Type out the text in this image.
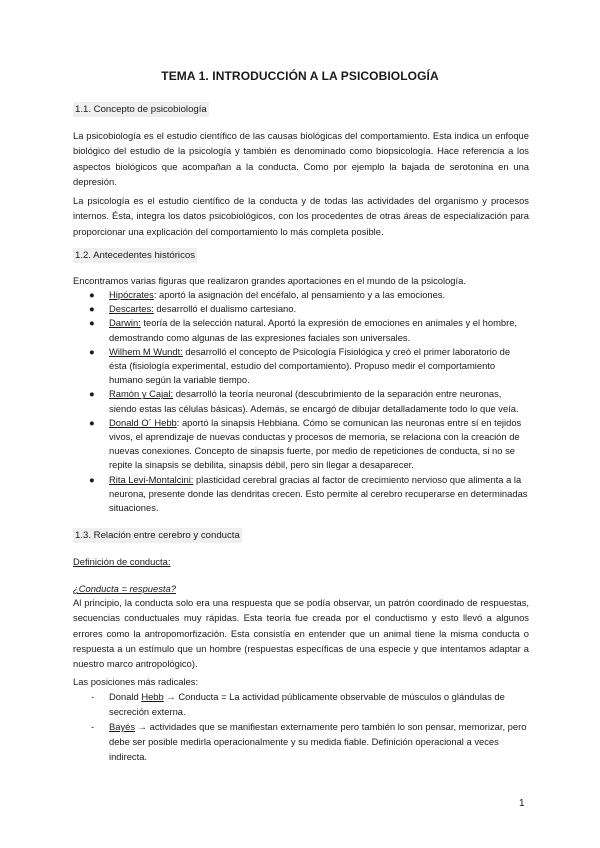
TEMA 1. INTRODUCCIÓN A LA PSICOBIOLOGÍA
1.1. Concepto de psicobiología

La psicobiología es el estudio científico de las causas biológicas del comportamiento. Esta indica un enfoque biológico del estudio de la psicología y también es denominado como biopsicología. Hace referencia a los aspectos biológicos que acompañan a la conducta. Como por ejemplo la bajada de serotonina en una depresión.

La psicología es el estudio científico de la conducta y de todas las actividades del organismo y procesos internos. Ésta, integra los datos psicobiológicos, con los procedentes de otras áreas de especialización para proporcionar una explicación del comportamiento lo más completa posible.

1.2. Antecedentes históricos
Encontramos varias figuras que realizaron grandes aportaciones en el mundo de la psicología.
● Hipócrates: aportó la asignación del encéfalo, al pensamiento y a las emociones.
● Descartes: desarrolló el dualismo cartesiano.
● Darwin: teoría de la selección natural. Aportó la expresión de emociones en animales y el hombre, demostrando como algunas de las expresiones faciales son universales.
● Wilhem M Wundt: desarrolló el concepto de Psicología Fisiológica y creó el primer laboratorio de ésta (fisiología experimental, estudio del comportamiento). Propuso medir el comportamiento humano según la variable tiempo.
● Ramón y Cajal: desarrolló la teoría neuronal (descubrimiento de la separación entre neuronas, siendo estas las células básicas). Además, se encargó de dibujar detalladamente todo lo que veía.
● Donald O´ Hebb: aportó la sinapsis Hebbiana. Cómo se comunican las neuronas entre sí en tejidos vivos, el aprendizaje de nuevas conductas y procesos de memoria, se relaciona con la creación de nuevas conexiones. Concepto de sinapsis fuerte, por medio de repeticiones de conducta, si no se repite la sinapsis se debilita, sinapsis débil, pero sin llegar a desaparecer.
● Rita Levi-Montalcini: plasticidad cerebral gracias al factor de crecimiento nervioso que alimenta a la neurona, presente donde las dendritas crecen. Esto permite al cerebro recuperarse en determinadas situaciones.
1.3. Relación entre cerebro y conducta
Definición de conducta:
¿Conducta = respuesta?

Al principio, la conducta solo era una respuesta que se podía observar, un patrón coordinado de respuestas, secuencias conductuales muy rápidas. Esta teoría fue creada por el conductismo y esto llevó a algunos errores como la antropomorfización. Esta consistía en entender que un animal tiene la misma conducta o respuesta a un estímulo que un hombre (respuestas específicas de una especie y que intentamos adaptar a nuestro marco antropológico).

Las posiciones más radicales:
- Donald Hebb → Conducta = La actividad públicamente observable de músculos o glándulas de secreción externa.
- Bayés → actividades que se manifiestan externamente pero también lo son pensar, memorizar, pero debe ser posible medirla operacionalmente y su medida fiable. Definición operacional a veces indirecta.
1
